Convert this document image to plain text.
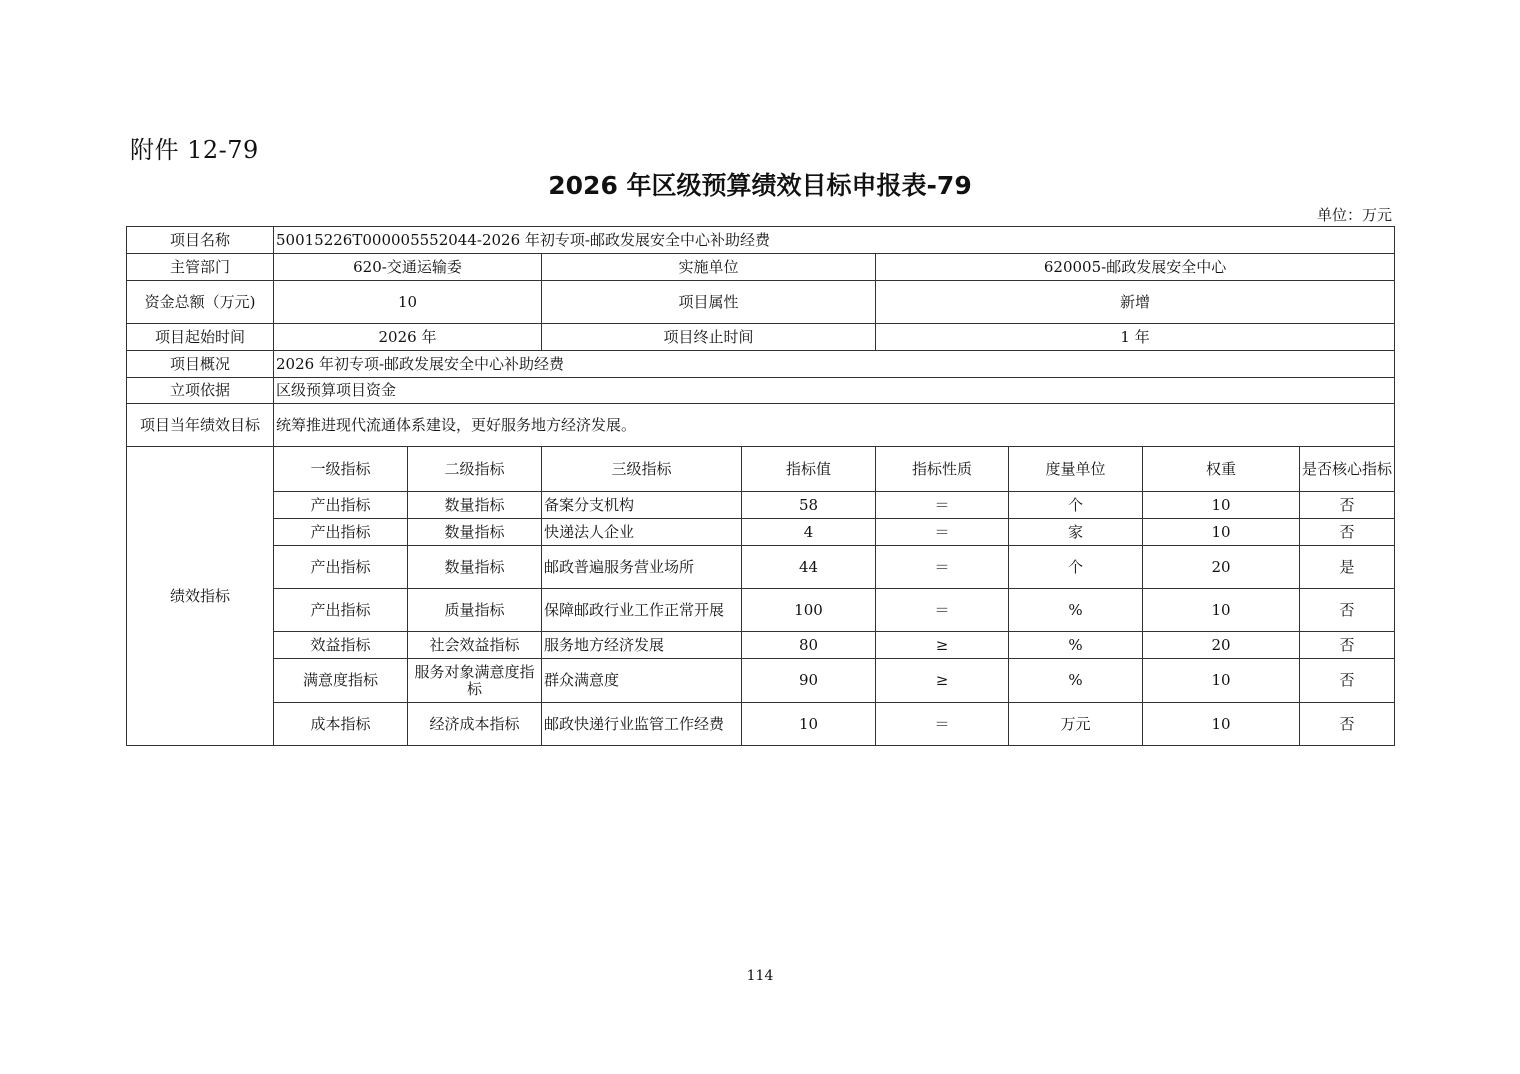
附件 12-79
2026 年区级预算绩效目标申报表-79
单位：万元
项目名称	50015226T000005552044-2026 年初专项-邮政发展安全中心补助经费							
主管部门	620-交通运输委		实施单位		620005-邮政发展安全中心			
资金总额（万元)	10		项目属性		新增			
项目起始时间	2026 年		项目终止时间		1 年			
项目概况	2026 年初专项-邮政发展安全中心补助经费							
立项依据	区级预算项目资金							
项目当年绩效目标	统筹推进现代流通体系建设，更好服务地方经济发展。							
绩效指标	一级指标	二级指标	三级指标	指标值	指标性质	度量单位	权重	是否核心指标
	产出指标	数量指标	备案分支机构	58	＝	个	10	否
	产出指标	数量指标	快递法人企业	4	＝	家	10	否
	产出指标	数量指标	邮政普遍服务营业场所	44	＝	个	20	是
	产出指标	质量指标	保障邮政行业工作正常开展	100	＝	%	10	否
	效益指标	社会效益指标	服务地方经济发展	80	≥	%	20	否
	满意度指标	服务对象满意度指标	群众满意度	90	≥	%	10	否
	成本指标	经济成本指标	邮政快递行业监管工作经费	10	＝	万元	10	否
114
